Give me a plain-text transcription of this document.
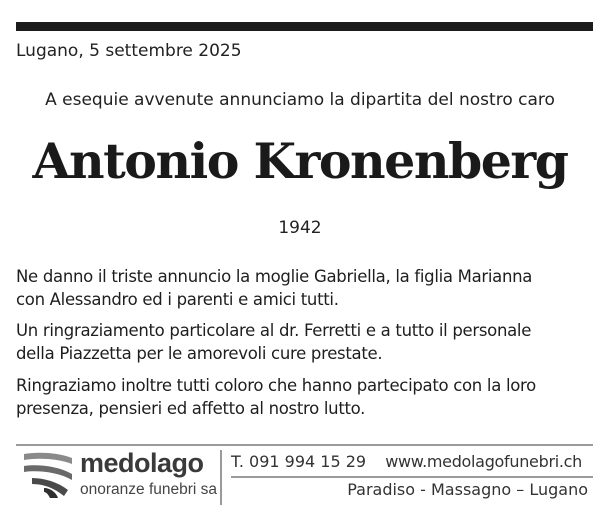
Lugano, 5 settembre 2025
A esequie avvenute annunciamo la dipartita del nostro caro
Antonio Kronenberg
1942
Ne danno il triste annuncio la moglie Gabriella, la figlia Marianna
con Alessandro ed i parenti e amici tutti.
Un ringraziamento particolare al dr. Ferretti e a tutto il personale
della Piazzetta per le amorevoli cure prestate.
Ringraziamo inoltre tutti coloro che hanno partecipato con la loro
presenza, pensieri ed affetto al nostro lutto.
medolago
onoranze funebri sa
T. 091 994 15 29 www.medolagofunebri.ch
Paradiso - Massagno – Lugano
